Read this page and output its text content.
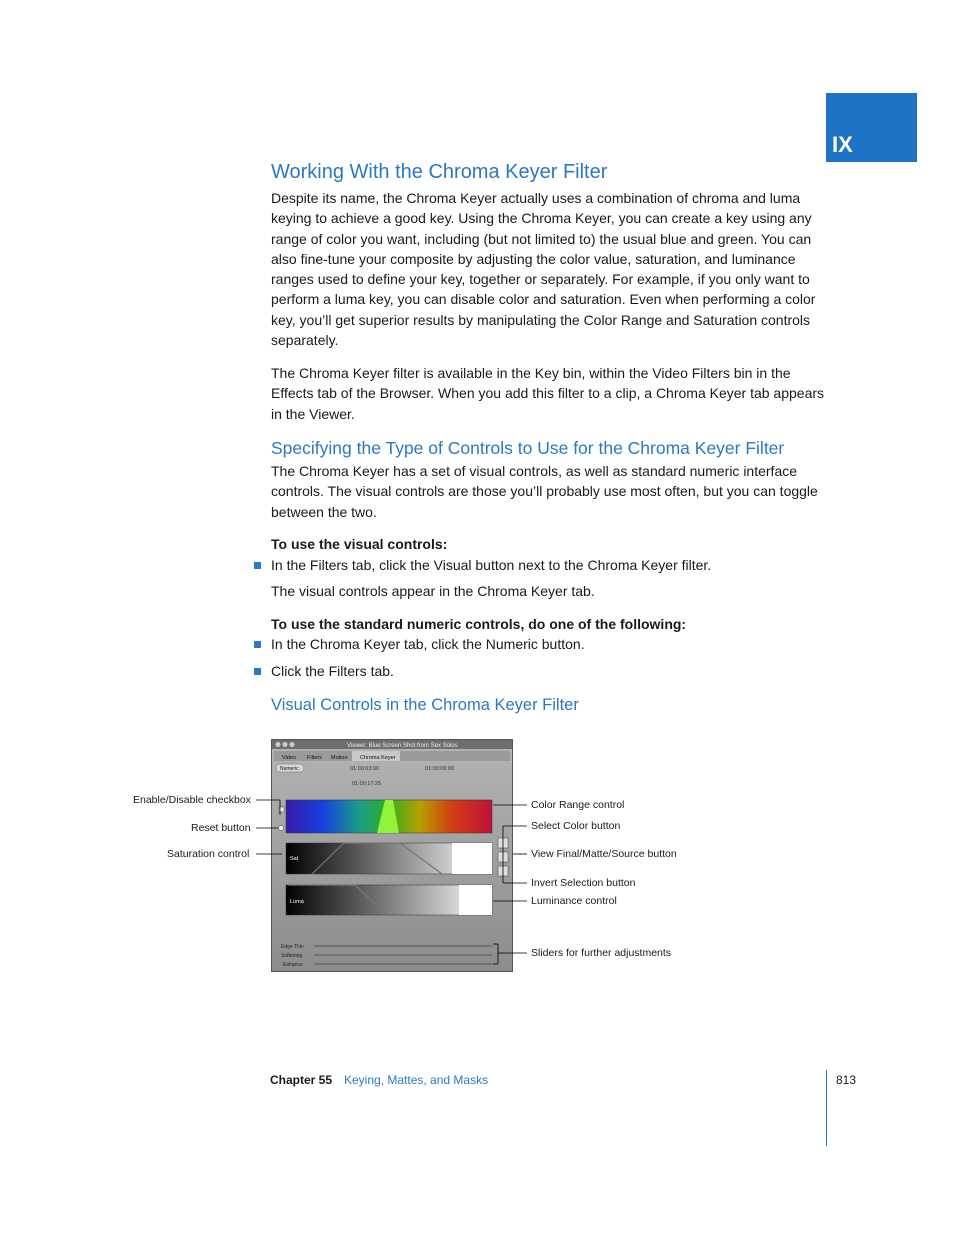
IX
Working With the Chroma Keyer Filter
Despite its name, the Chroma Keyer actually uses a combination of chroma and luma keying to achieve a good key. Using the Chroma Keyer, you can create a key using any range of color you want, including (but not limited to) the usual blue and green. You can also fine-tune your composite by adjusting the color value, saturation, and luminance ranges used to define your key, together or separately. For example, if you only want to perform a luma key, you can disable color and saturation. Even when performing a color key, you’ll get superior results by manipulating the Color Range and Saturation controls separately.
The Chroma Keyer filter is available in the Key bin, within the Video Filters bin in the Effects tab of the Browser. When you add this filter to a clip, a Chroma Keyer tab appears in the Viewer.
Specifying the Type of Controls to Use for the Chroma Keyer Filter
The Chroma Keyer has a set of visual controls, as well as standard numeric interface controls. The visual controls are those you’ll probably use most often, but you can toggle between the two.
To use the visual controls:
In the Filters tab, click the Visual button next to the Chroma Keyer filter.
The visual controls appear in the Chroma Keyer tab.
To use the standard numeric controls, do one of the following:
In the Chroma Keyer tab, click the Numeric button.
Click the Filters tab.
Visual Controls in the Chroma Keyer Filter
Viewer: Blue Screen Shot from Sex Solos
Video Filters Motion Chroma Keyer
Numeric	01:00:03:00	01:00:06:00
01:00:17:25
Sat
Luma
Edge Thin
Softening
Enhance
Enable/Disable checkbox
Reset button
Saturation control
Color Range control
Select Color button
View Final/Matte/Source button
Invert Selection button
Luminance control
Sliders for further adjustments
Chapter 55 Keying, Mattes, and Masks	813
